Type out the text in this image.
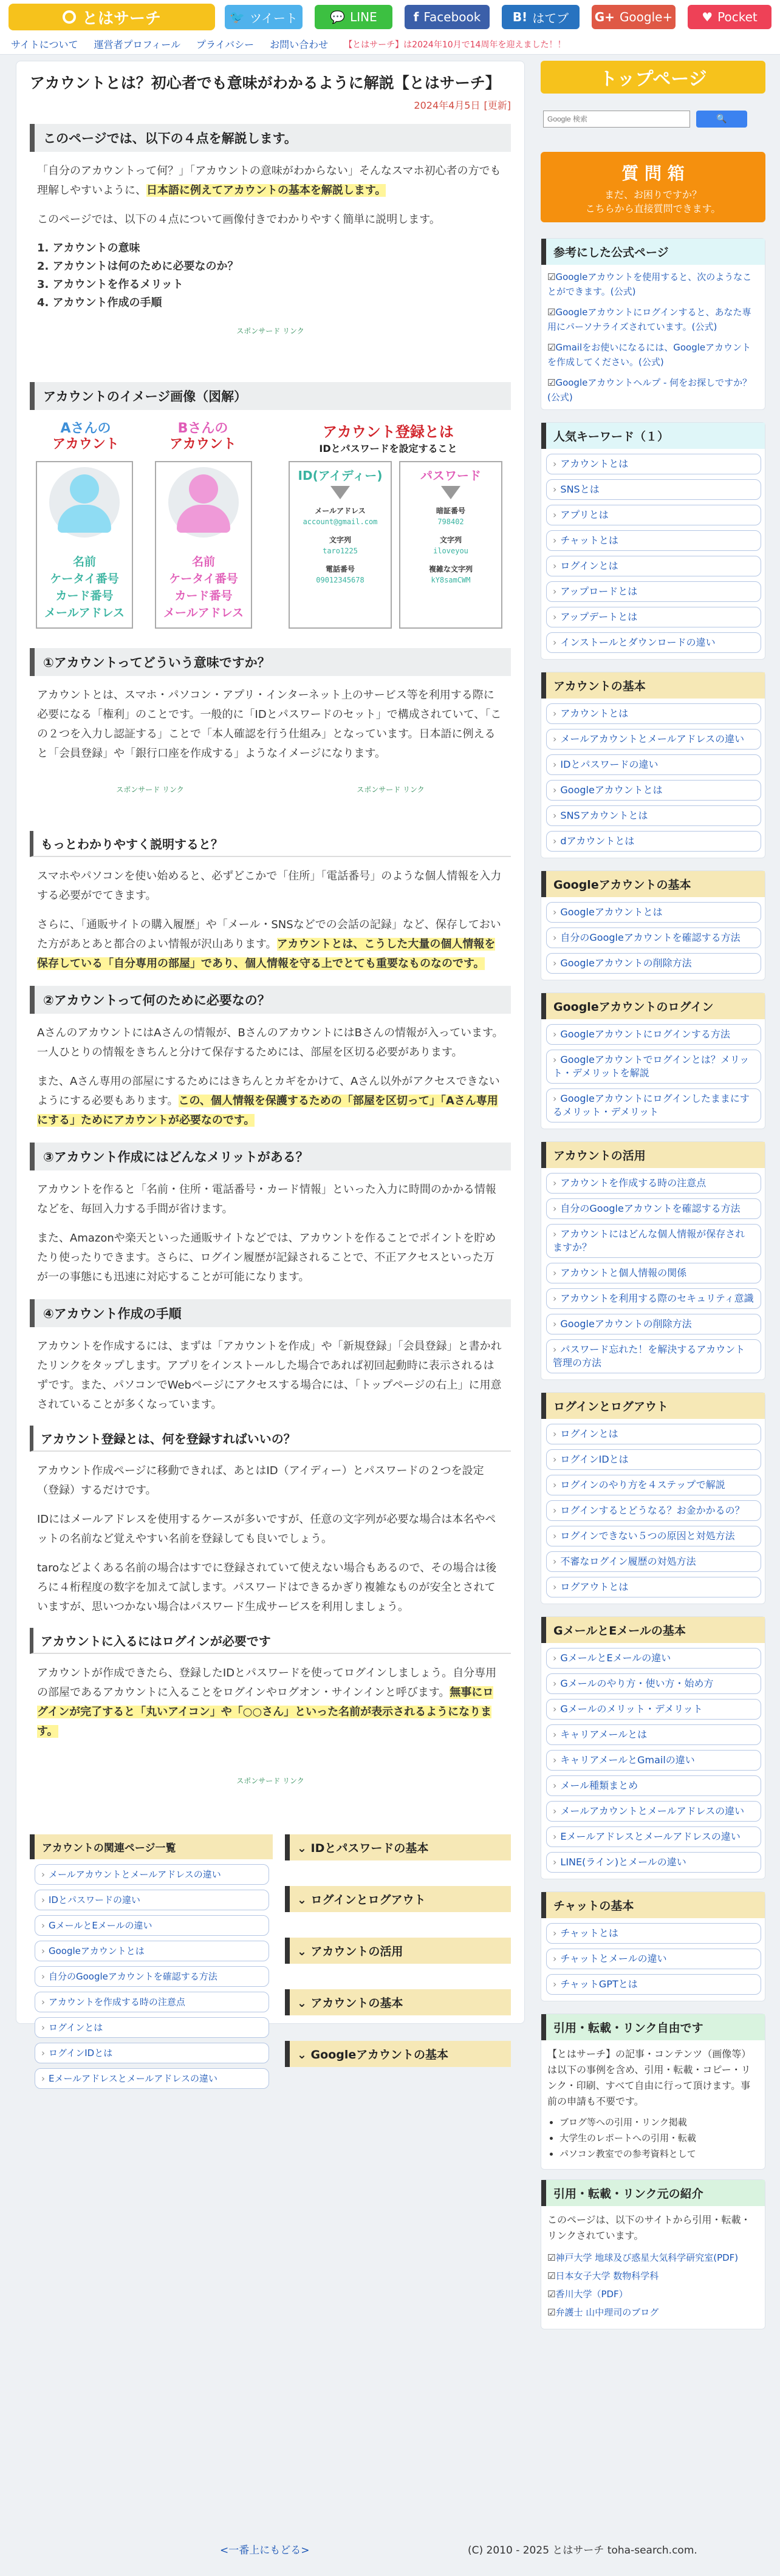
とはサーチ	🐦 ツイート	💬 LINE	f Facebook	B! はてブ G+ Google+ ♥ Pocket
サイトについて 運営者プロフィール プライバシー お問い合わせ 【とはサーチ】は2024年10月で14周年を迎えました！！
アカウントとは？初心者でも意味がわかるように解説【とはサーチ】
2024年4月5日 [更新]
このページでは、以下の４点を解説します。
「自分のアカウントって何？」「アカウントの意味がわからない」そんなスマホ初心者の方でも理解しやすいように、日本語に例えてアカウントの基本を解説します。
このページでは、以下の４点について画像付きでわかりやすく簡単に説明します。
1. アカウントの意味
2. アカウントは何のために必要なのか？
3. アカウントを作るメリット
4. アカウント作成の手順
スポンサード リンク
アカウントのイメージ画像（図解）
Aさんの
アカウント
Bさんの
アカウント
アカウント登録とは
IDとパスワードを設定すること
名前
ケータイ番号
カード番号
メールアドレス
名前
ケータイ番号
カード番号
メールアドレス
ID(アイディー)
メールアドレス
account@gmail.com
文字列
taro1225
電話番号
09012345678
パスワード
暗証番号
798402
文字列
iloveyou
複雑な文字列
kY8samCWM
①アカウントってどういう意味ですか？
アカウントとは、スマホ・パソコン・アプリ・インターネット上のサービス等を利用する際に必要になる「権利」のことです。一般的に「IDとパスワードのセット」で構成されていて、「この２つを入力し認証する」ことで「本人確認を行う仕組み」となっています。日本語に例えると「会員登録」や「銀行口座を作成する」ようなイメージになります。
スポンサード リンク	スポンサード リンク
もっとわかりやすく説明すると？
スマホやパソコンを使い始めると、必ずどこかで「住所」「電話番号」のような個人情報を入力する必要がでてきます。
さらに、「通販サイトの購入履歴」や「メール・SNSなどでの会話の記録」など、保存しておいた方があとあと都合のよい情報が沢山あります。アカウントとは、こうした大量の個人情報を保存している「自分専用の部屋」であり、個人情報を守る上でとても重要なものなのです。
②アカウントって何のために必要なの？
AさんのアカウントにはAさんの情報が、BさんのアカウントにはBさんの情報が入っています。一人ひとりの情報をきちんと分けて保存するためには、部屋を区切る必要があります。
また、Aさん専用の部屋にするためにはきちんとカギをかけて、Aさん以外がアクセスできないようにする必要もあります。この、個人情報を保護するための「部屋を区切って」「Aさん専用にする」ためにアカウントが必要なのです。
③アカウント作成にはどんなメリットがある？
アカウントを作ると「名前・住所・電話番号・カード情報」といった入力に時間のかかる情報などを、毎回入力する手間が省けます。
また、Amazonや楽天といった通販サイトなどでは、アカウントを作ることでポイントを貯めたり使ったりできます。さらに、ログイン履歴が記録されることで、不正アクセスといった万が一の事態にも迅速に対応することが可能になります。
④アカウント作成の手順
アカウントを作成するには、まずは「アカウントを作成」や「新規登録」「会員登録」と書かれたリンクをタップします。アプリをインストールした場合であれば初回起動時に表示されるはずです。また、パソコンでWebページにアクセスする場合には、「トップページの右上」に用意されていることが多くなっています。
アカウント登録とは、何を登録すればいいの？
アカウント作成ページに移動できれば、あとはID（アイディー）とパスワードの２つを設定（登録）するだけです。
IDにはメールアドレスを使用するケースが多いですが、任意の文字列が必要な場合は本名やペットの名前など覚えやすい名前を登録しても良いでしょう。
taroなどよくある名前の場合はすでに登録されていて使えない場合もあるので、その場合は後ろに４桁程度の数字を加えて試します。パスワードはできるかぎり複雑なものが安全とされていますが、思いつかない場合はパスワード生成サービスを利用しましょう。
アカウントに入るにはログインが必要です
アカウントが作成できたら、登録したIDとパスワードを使ってログインしましょう。自分専用の部屋であるアカウントに入ることをログインやログオン・サインインと呼びます。無事にログインが完了すると「丸いアイコン」や「○○さん」といった名前が表示されるようになります。
スポンサード リンク
アカウントの関連ページ一覧
› メールアカウントとメールアドレスの違い
› IDとパスワードの違い
› GメールとEメールの違い
› Googleアカウントとは
› 自分のGoogleアカウントを確認する方法
› アカウントを作成する時の注意点
› ログインとは
› ログインIDとは
› Eメールアドレスとメールアドレスの違い
⌄ IDとパスワードの基本
⌄ ログインとログアウト
⌄ アカウントの活用
⌄ アカウントの基本
⌄ Googleアカウントの基本
トップページ
Google 検索
🔍
質 問 箱
まだ、お困りですか？
こちらから直接質問できます。
参考にした公式ページ
☑Googleアカウントを使用すると、次のようなことができます。(公式)
☑Googleアカウントにログインすると、あなた専用にパーソナライズされています。(公式)
☑Gmailをお使いになるには、Googleアカウントを作成してください。(公式)
☑Googleアカウントヘルプ - 何をお探しですか？(公式)
人気キーワード（１）
› アカウントとは
› SNSとは
› アプリとは
› チャットとは
› ログインとは
› アップロードとは
› アップデートとは
› インストールとダウンロードの違い
アカウントの基本
› アカウントとは
› メールアカウントとメールアドレスの違い
› IDとパスワードの違い
› Googleアカウントとは
› SNSアカウントとは
› dアカウントとは
Googleアカウントの基本
› Googleアカウントとは
› 自分のGoogleアカウントを確認する方法
› Googleアカウントの削除方法
Googleアカウントのログイン
› Googleアカウントにログインする方法
› Googleアカウントでログインとは？メリット・デメリットを解説
› Googleアカウントにログインしたままにするメリット・デメリット
アカウントの活用
› アカウントを作成する時の注意点
› 自分のGoogleアカウントを確認する方法
› アカウントにはどんな個人情報が保存されますか？
› アカウントと個人情報の関係
› アカウントを利用する際のセキュリティ意識
› Googleアカウントの削除方法
› パスワード忘れた！を解決するアカウント管理の方法
ログインとログアウト
› ログインとは
› ログインIDとは
› ログインのやり方を４ステップで解説
› ログインするとどうなる？お金かかるの？
› ログインできない５つの原因と対処方法
› 不審なログイン履歴の対処方法
› ログアウトとは
GメールとEメールの基本
› GメールとEメールの違い
› Gメールのやり方・使い方・始め方
› Gメールのメリット・デメリット
› キャリアメールとは
› キャリアメールとGmailの違い
› メール種類まとめ
› メールアカウントとメールアドレスの違い
› Eメールアドレスとメールアドレスの違い
› LINE(ライン)とメールの違い
チャットの基本
› チャットとは
› チャットとメールの違い
› チャットGPTとは
引用・転載・リンク自由です
【とはサーチ】の記事・コンテンツ（画像等）は以下の事例を含め、引用・転載・コピー・リンク・印刷、すべて自由に行って頂けます。事前の申請も不要です。
• ブログ等への引用・リンク掲載
• 大学生のレポートへの引用・転載
• パソコン教室での参考資料として
引用・転載・リンク元の紹介
このページは、以下のサイトから引用・転載・リンクされています。
☑神戸大学 地球及び惑星大気科学研究室(PDF)
☑日本女子大学 数物科学科
☑香川大学（PDF）
☑弁護士 山中理司のブログ
<一番上にもどる>	(C) 2010 - 2025 とはサーチ toha-search.com.
